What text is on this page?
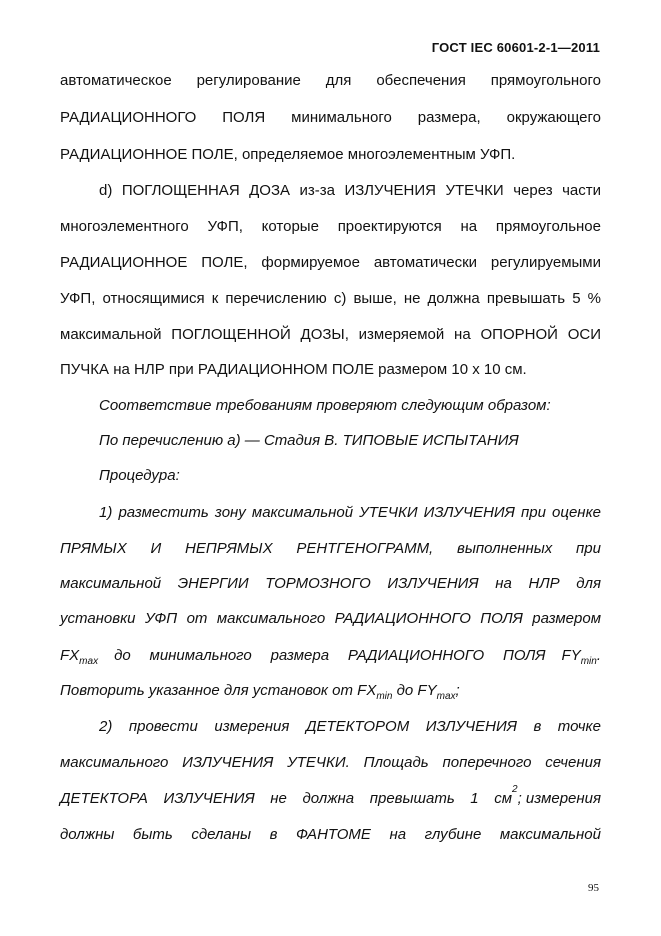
ГОСТ IEC 60601-2-1—2011
автоматическое регулирование для обеспечения прямоугольного
РАДИАЦИОННОГО ПОЛЯ минимального размера, окружающего
РАДИАЦИОННОЕ ПОЛЕ, определяемое многоэлементным УФП.
d) ПОГЛОЩЕННАЯ ДОЗА из-за ИЗЛУЧЕНИЯ УТЕЧКИ через части
многоэлементного УФП, которые проектируются на прямоугольное
РАДИАЦИОННОЕ ПОЛЕ, формируемое автоматически регулируемыми
УФП, относящимися к перечислению с) выше, не должна превышать 5 %
максимальной ПОГЛОЩЕННОЙ ДОЗЫ, измеряемой на ОПОРНОЙ ОСИ
ПУЧКА на НЛР при РАДИАЦИОННОМ ПОЛЕ размером 10 х 10 см.
Соответствие требованиям проверяют следующим образом:
По перечислению а) — Стадия В. ТИПОВЫЕ ИСПЫТАНИЯ
Процедура:
1) разместить зону максимальной УТЕЧКИ ИЗЛУЧЕНИЯ при оценке
ПРЯМЫХ И НЕПРЯМЫХ РЕНТГЕНОГРАММ, выполненных при
максимальной ЭНЕРГИИ ТОРМОЗНОГО ИЗЛУЧЕНИЯ на НЛР для
установки УФП от максимального РАДИАЦИОННОГО ПОЛЯ размером
$FX_{max}$	до минимального размера РАДИАЦИОННОГО ПОЛЯ	$FY_{min}$.
Повторить указанное для установок от $FX_{min}$ до $FY_{max}$;
2) провести измерения ДЕТЕКТОРОМ ИЗЛУЧЕНИЯ в точке
максимального ИЗЛУЧЕНИЯ УТЕЧКИ. Площадь поперечного сечения
ДЕТЕКТОРА ИЗЛУЧЕНИЯ не должна превышать 1 см
2
; измерения
должны быть сделаны в ФАНТОМЕ на глубине максимальной
95
